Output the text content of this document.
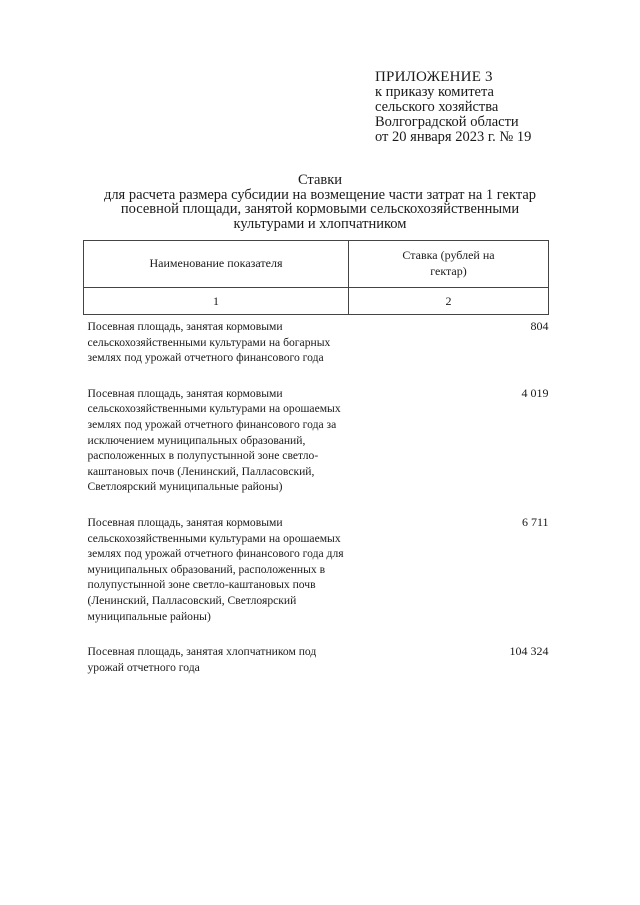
ПРИЛОЖЕНИЕ 3
к приказу комитета
сельского хозяйства
Волгоградской области
от 20 января 2023 г. № 19
Ставки
для расчета размера субсидии на возмещение части затрат на 1 гектар
посевной площади, занятой кормовыми сельскохозяйственными
культурами и хлопчатником
Наименование показателя	Ставка (рублей на гектар)
1	2
Посевная площадь, занятая кормовыми сельскохозяйственными культурами на богарных землях под урожай отчетного финансового года	804
Посевная площадь, занятая кормовыми сельскохозяйственными культурами на орошаемых землях под урожай отчетного финансового года за исключением муниципальных образований, расположенных в полупустынной зоне светло-каштановых почв (Ленинский, Палласовский, Светлоярский муниципальные районы)	4 019
Посевная площадь, занятая кормовыми сельскохозяйственными культурами на орошаемых землях под урожай отчетного финансового года для муниципальных образований, расположенных в полупустынной зоне светло-каштановых почв (Ленинский, Палласовский, Светлоярский муниципальные районы)	6 711
Посевная площадь, занятая хлопчатником под урожай отчетного года	104 324
